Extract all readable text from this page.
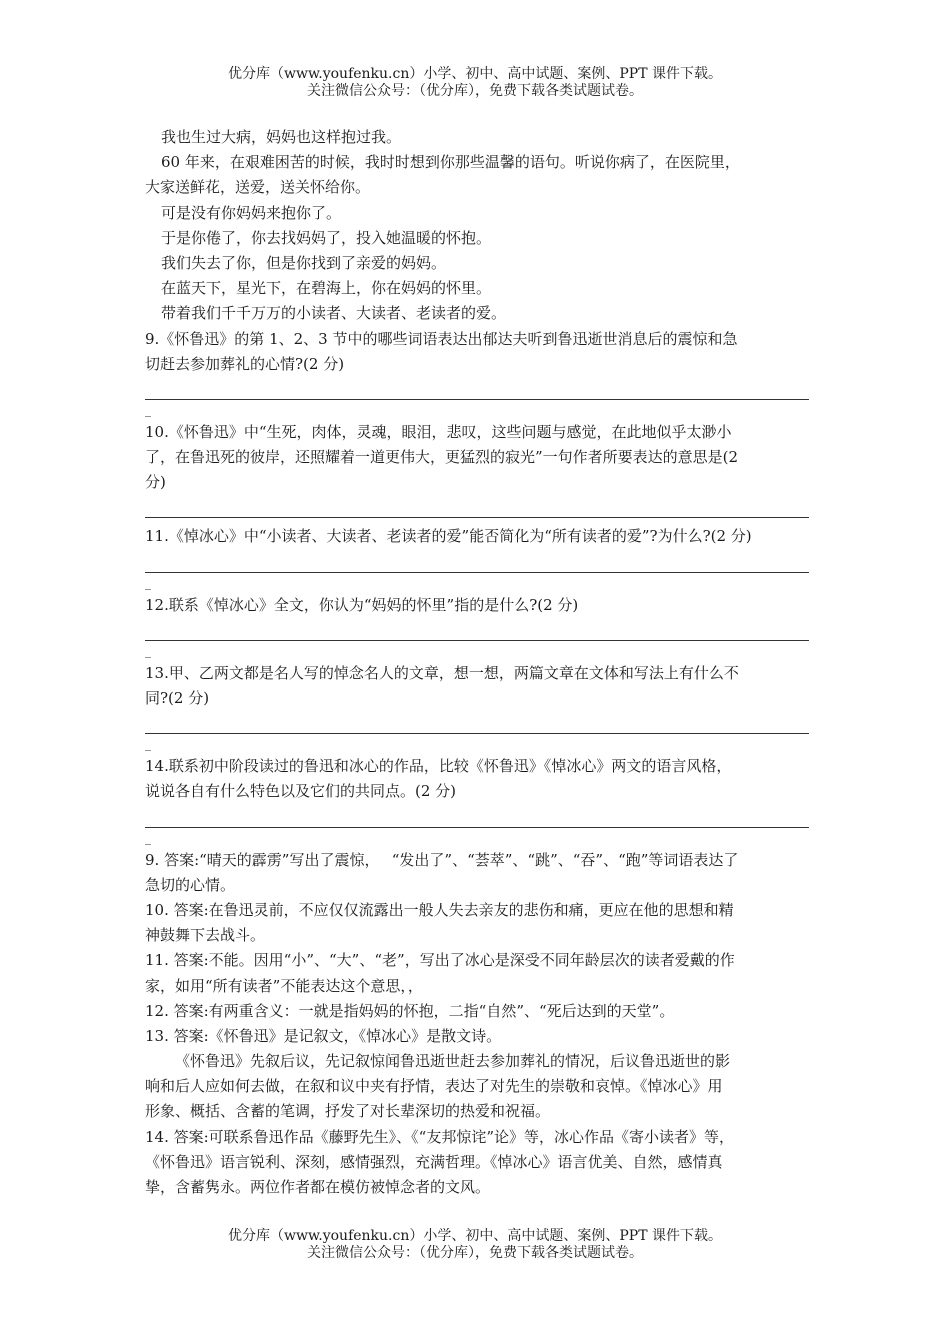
优分库（www.youfenku.cn）小学、初中、高中试题、案例、PPT 课件下载。
关注微信公众号：（优分库），免费下载各类试题试卷。
我也生过大病，妈妈也这样抱过我。
60 年来，在艰难困苦的时候，我时时想到你那些温馨的语句。听说你病了，在医院里，
大家送鲜花，送爱，送关怀给你。
可是没有你妈妈来抱你了。
于是你倦了，你去找妈妈了，投入她温暖的怀抱。
我们失去了你，但是你找到了亲爱的妈妈。
在蓝天下，星光下，在碧海上，你在妈妈的怀里。
带着我们千千万万的小读者、大读者、老读者的爱。
9.《怀鲁迅》的第 1、2、3 节中的哪些词语表达出郁达夫听到鲁迅逝世消息后的震惊和急
切赶去参加葬礼的心情?(2 分)
_
10.《怀鲁迅》中“生死，肉体，灵魂，眼泪，悲叹，这些问题与感觉，在此地似乎太渺小
了，在鲁迅死的彼岸，还照耀着一道更伟大，更猛烈的寂光”一句作者所要表达的意思是(2
分)
11.《悼冰心》中“小读者、大读者、老读者的爱”能否简化为“所有读者的爱”?为什么?(2 分)
_
12.联系《悼冰心》全文，你认为“妈妈的怀里”指的是什么?(2 分)
_
13.甲、乙两文都是名人写的悼念名人的文章，想一想，两篇文章在文体和写法上有什么不
同?(2 分)
_
14.联系初中阶段读过的鲁迅和冰心的作品，比较《怀鲁迅》《悼冰心》两文的语言风格，
说说各自有什么特色以及它们的共同点。(2 分)
_
9. 答案:“晴天的霹雳”写出了震惊，　 “发出了”、“荟萃”、“跳”、“吞”、“跑”等词语表达了
急切的心情。
10. 答案:在鲁迅灵前，不应仅仅流露出一般人失去亲友的悲伤和痛，更应在他的思想和精
神鼓舞下去战斗。
11. 答案:不能。因用“小”、“大”、“老”，写出了冰心是深受不同年龄层次的读者爱戴的作
家，如用“所有读者”不能表达这个意思，，
12. 答案:有两重含义：一就是指妈妈的怀抱，二指“自然”、“死后达到的天堂”。
13. 答案:《怀鲁迅》是记叙文，《悼冰心》是散文诗。
《怀鲁迅》先叙后议，先记叙惊闻鲁迅逝世赶去参加葬礼的情况，后议鲁迅逝世的影
响和后人应如何去做，在叙和议中夹有抒情，表达了对先生的崇敬和哀悼。《悼冰心》用
形象、概括、含蓄的笔调，抒发了对长辈深切的热爱和祝福。
14. 答案:可联系鲁迅作品《藤野先生》、《“友邦惊诧”论》等，冰心作品《寄小读者》等，
《怀鲁迅》语言锐利、深刻，感情强烈，充满哲理。《悼冰心》语言优美、自然，感情真
挚，含蓄隽永。两位作者都在模仿被悼念者的文风。
优分库（www.youfenku.cn）小学、初中、高中试题、案例、PPT 课件下载。
关注微信公众号：（优分库），免费下载各类试题试卷。
